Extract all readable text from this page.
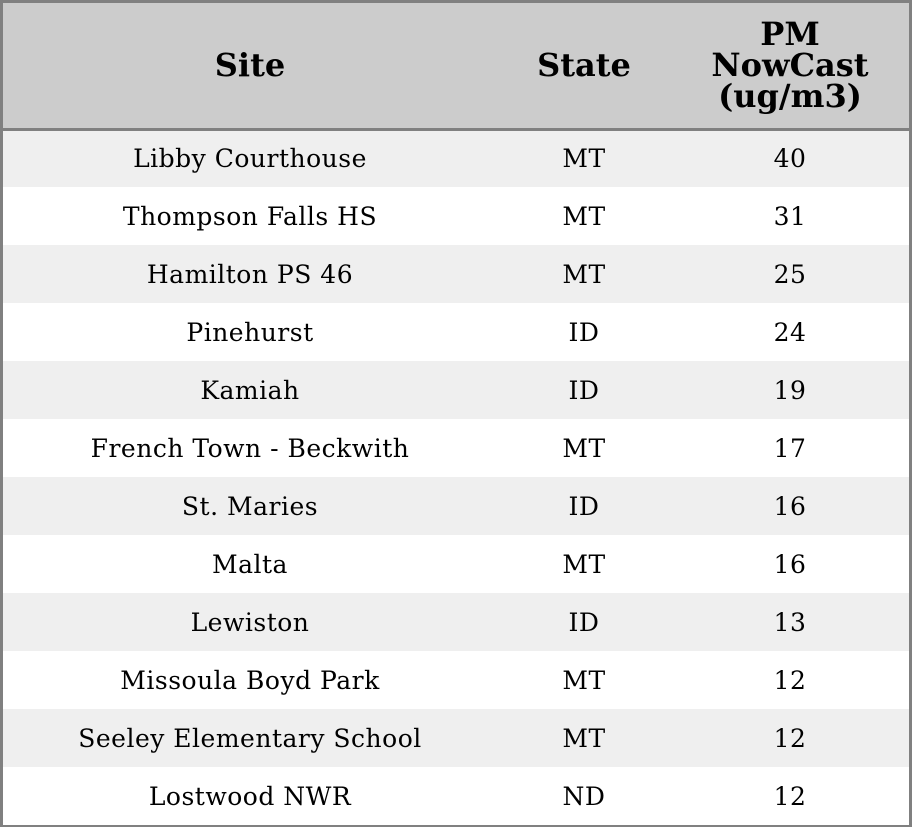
Site	State	PM
NowCast
(ug/m3)

Libby Courthouse	MT	40
Thompson Falls HS	MT	31
Hamilton PS 46	MT	25
Pinehurst	ID	24
Kamiah	ID	19
French Town - Beckwith	MT	17
St. Maries	ID	16
Malta	MT	16
Lewiston	ID	13
Missoula Boyd Park	MT	12
Seeley Elementary School	MT	12
Lostwood NWR	ND	12
